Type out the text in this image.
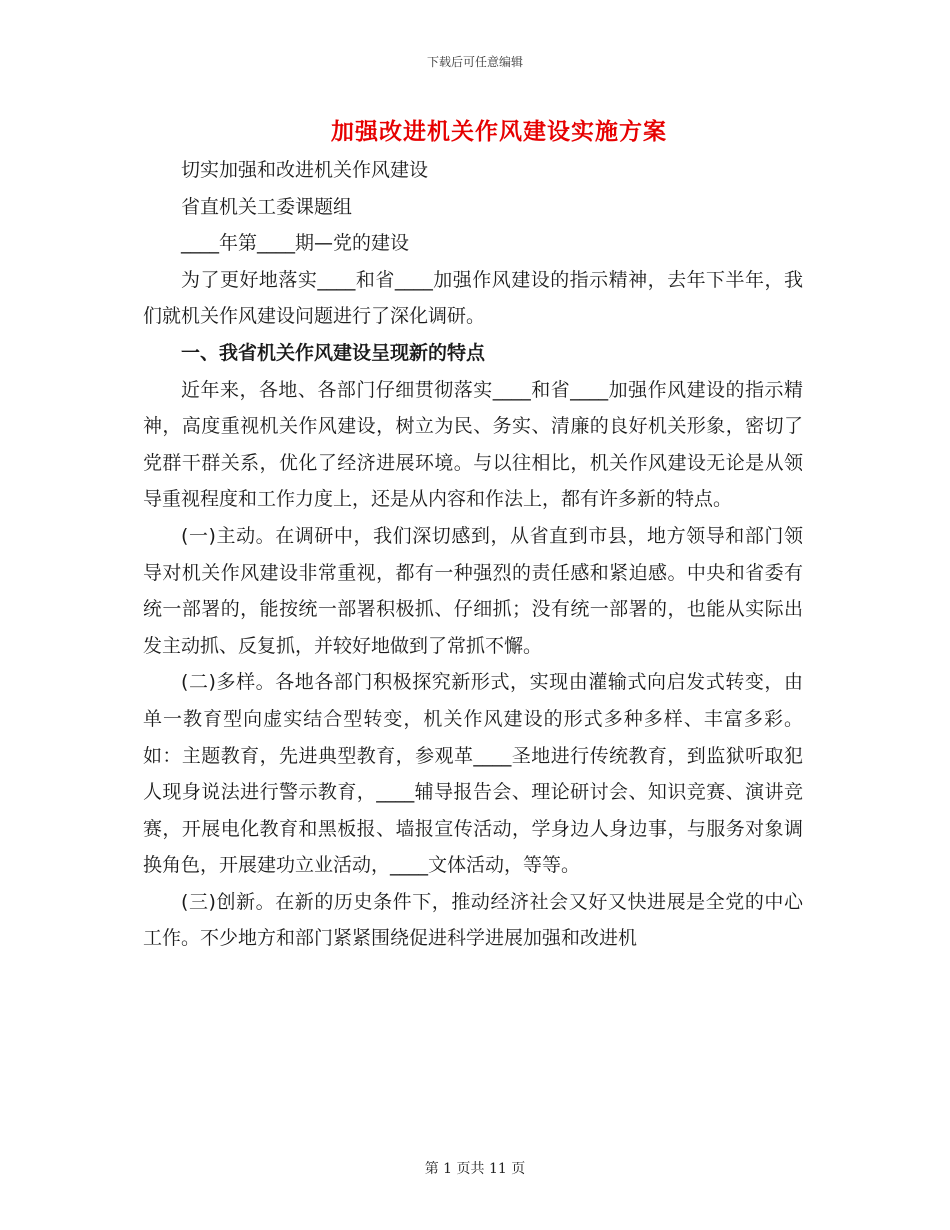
下载后可任意编辑
加强改进机关作风建设实施方案

切实加强和改进机关作风建设

省直机关工委课题组

____年第____期—党的建设

为了更好地落实____和省____加强作风建设的指示精神，去年下半年，我们就机关作风建设问题进行了深化调研。

一、我省机关作风建设呈现新的特点

近年来，各地、各部门仔细贯彻落实____和省____加强作风建设的指示精神，高度重视机关作风建设，树立为民、务实、清廉的良好机关形象，密切了党群干群关系，优化了经济进展环境。与以往相比，机关作风建设无论是从领导重视程度和工作力度上，还是从内容和作法上，都有许多新的特点。

(一)主动。在调研中，我们深切感到，从省直到市县，地方领导和部门领导对机关作风建设非常重视，都有一种强烈的责任感和紧迫感。中央和省委有统一部署的，能按统一部署积极抓、仔细抓；没有统一部署的，也能从实际出发主动抓、反复抓，并较好地做到了常抓不懈。

(二)多样。各地各部门积极探究新形式，实现由灌输式向启发式转变，由单一教育型向虚实结合型转变，机关作风建设的形式多种多样、丰富多彩。如：主题教育，先进典型教育，参观革____圣地进行传统教育，到监狱听取犯人现身说法进行警示教育，____辅导报告会、理论研讨会、知识竞赛、演讲竞赛，开展电化教育和黑板报、墙报宣传活动，学身边人身边事，与服务对象调换角色，开展建功立业活动，____文体活动，等等。

(三)创新。在新的历史条件下，推动经济社会又好又快进展是全党的中心工作。不少地方和部门紧紧围绕促进科学进展加强和改进机

第 1 页共 11 页
